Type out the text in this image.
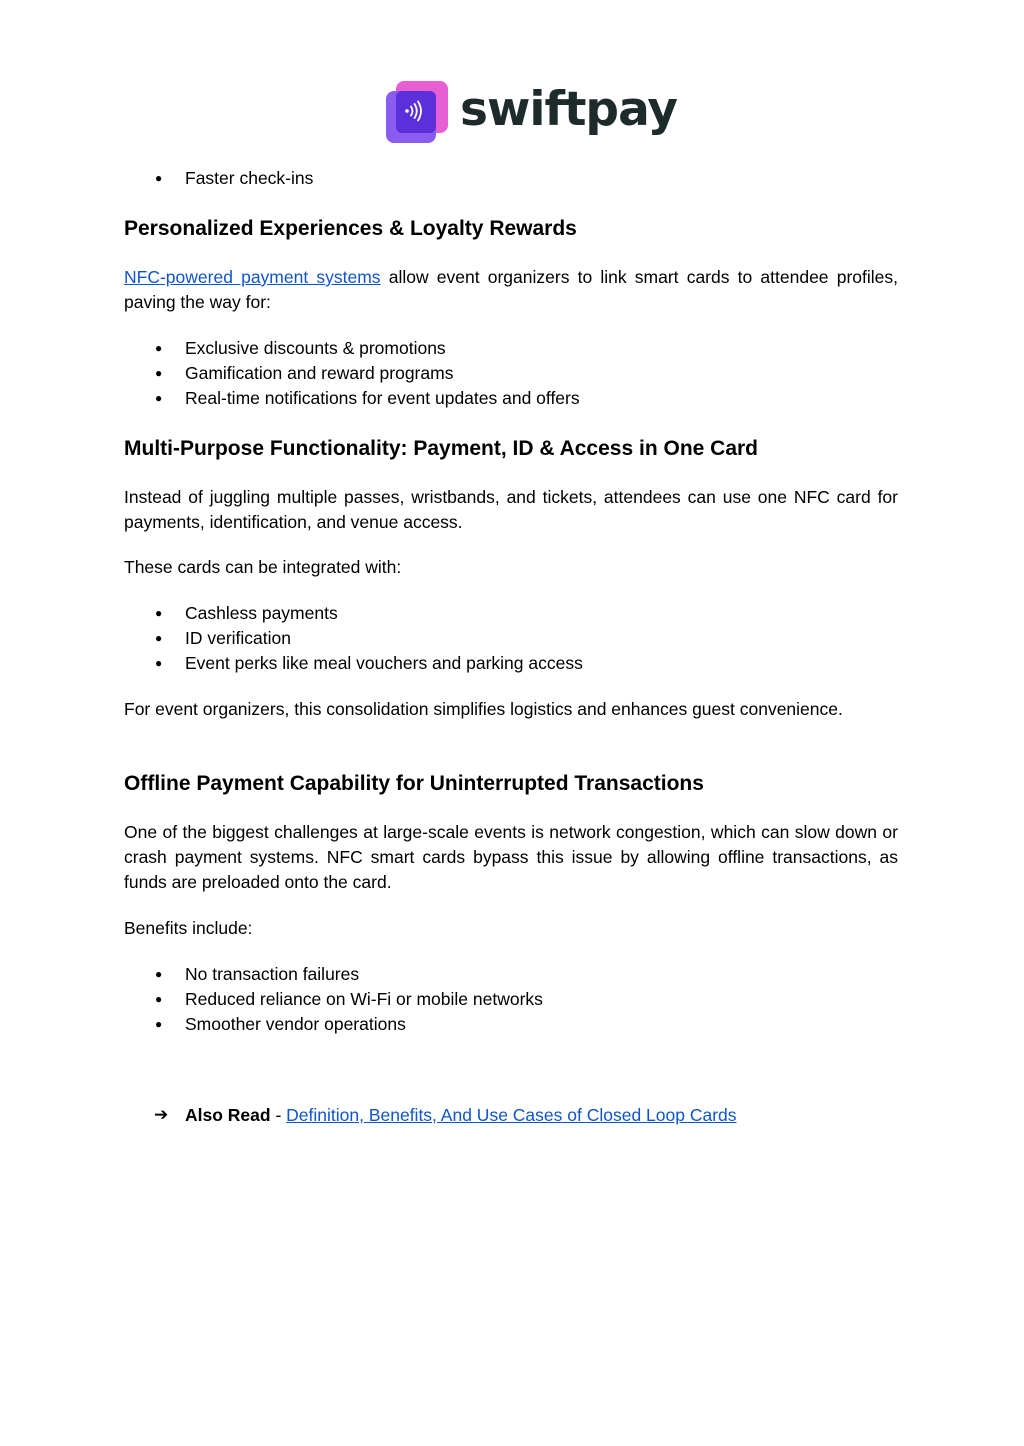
swiftpay
● Faster check-ins
Personalized Experiences & Loyalty Rewards

NFC-powered payment systems allow event organizers to link smart cards to attendee profiles, paving the way for:

● Exclusive discounts & promotions
● Gamification and reward programs
● Real-time notifications for event updates and offers
Multi-Purpose Functionality: Payment, ID & Access in One Card

Instead of juggling multiple passes, wristbands, and tickets, attendees can use one NFC card for payments, identification, and venue access.

These cards can be integrated with:

● Cashless payments
● ID verification
● Event perks like meal vouchers and parking access

For event organizers, this consolidation simplifies logistics and enhances guest convenience.

Offline Payment Capability for Uninterrupted Transactions

One of the biggest challenges at large-scale events is network congestion, which can slow down or crash payment systems. NFC smart cards bypass this issue by allowing offline transactions, as funds are preloaded onto the card.

Benefits include:

● No transaction failures
● Reduced reliance on Wi-Fi or mobile networks
● Smoother vendor operations
➔ Also Read - Definition, Benefits, And Use Cases of Closed Loop Cards
